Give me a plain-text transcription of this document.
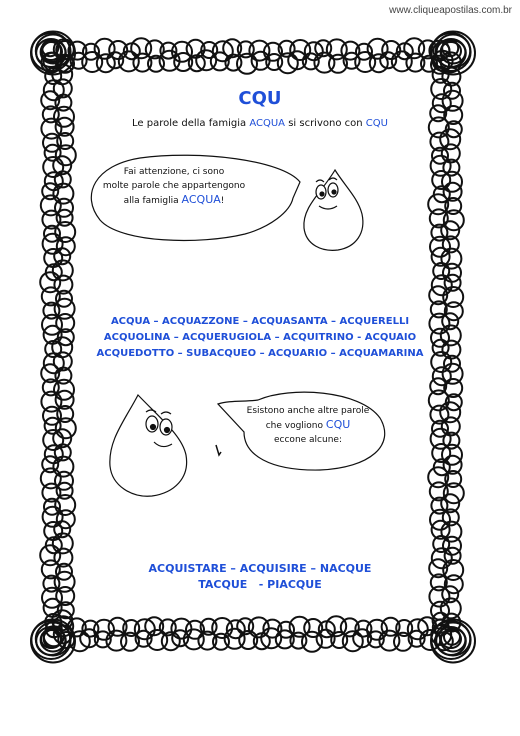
www.cliqueapostilas.com.br
CQU
Le parole della famigia ACQUA si scrivono con CQU
Fai attenzione, ci sono
molte parole che appartengono
alla famiglia ACQUA!
ACQUA – ACQUAZZONE – ACQUASANTA – ACQUERELLI
ACQUOLINA – ACQUERUGIOLA – ACQUITRINO - ACQUAIO
ACQUEDOTTO – SUBACQUEO – ACQUARIO – ACQUAMARINA
Esistono anche altre parole
che vogliono CQU
eccone alcune:
ACQUISTARE – ACQUISIRE – NACQUE
TACQUE   - PIACQUE
